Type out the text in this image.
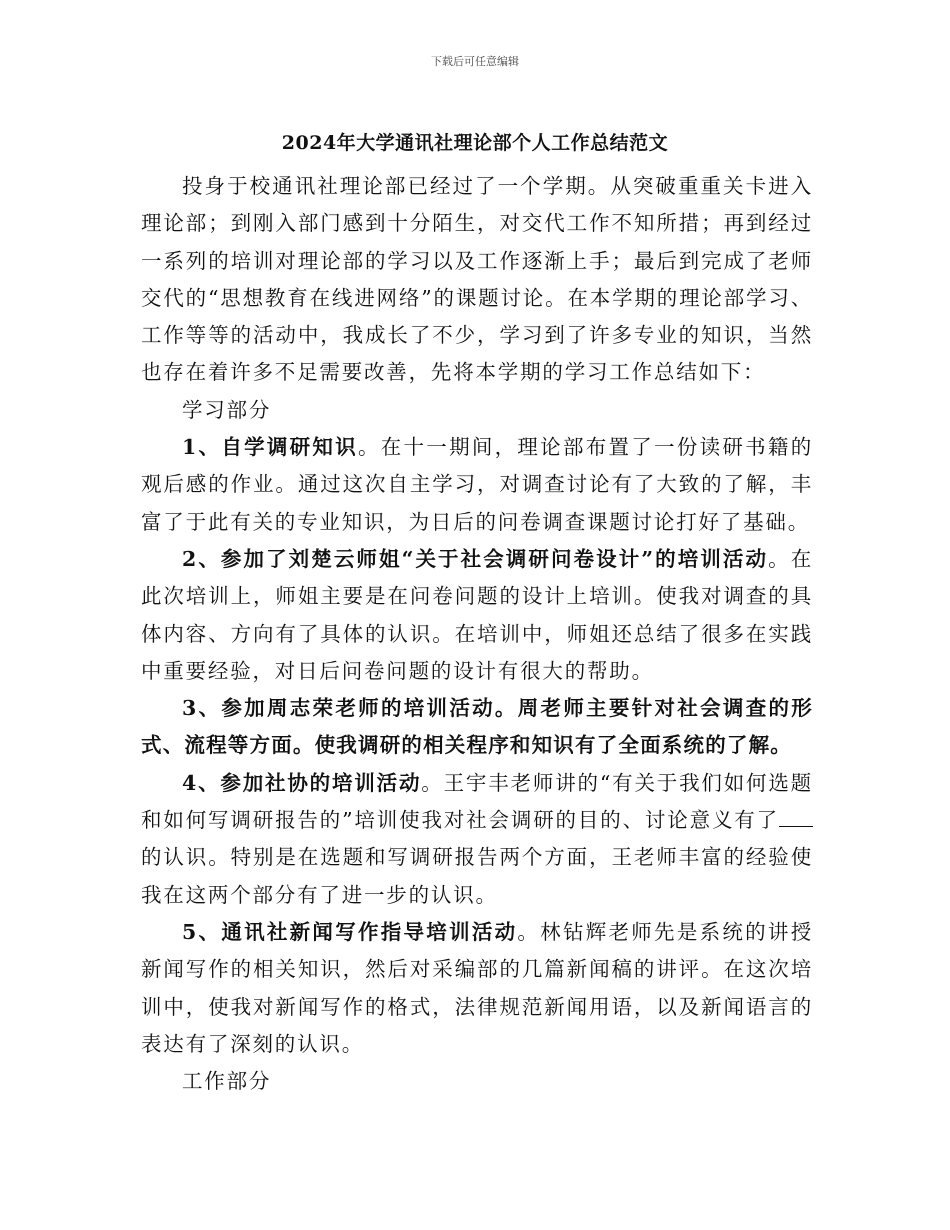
下载后可任意编辑
2024年大学通讯社理论部个人工作总结范文

投身于校通讯社理论部已经过了一个学期。从突破重重关卡进入理论部；到刚入部门感到十分陌生，对交代工作不知所措；再到经过一系列的培训对理论部的学习以及工作逐渐上手；最后到完成了老师交代的“思想教育在线进网络”的课题讨论。在本学期的理论部学习、工作等等的活动中，我成长了不少，学习到了许多专业的知识，当然也存在着许多不足需要改善，先将本学期的学习工作总结如下：

学习部分

1、自学调研知识。在十一期间，理论部布置了一份读研书籍的观后感的作业。通过这次自主学习，对调查讨论有了大致的了解，丰富了于此有关的专业知识，为日后的问卷调查课题讨论打好了基础。

2、参加了刘楚云师姐“关于社会调研问卷设计”的培训活动。在此次培训上，师姐主要是在问卷问题的设计上培训。使我对调查的具体内容、方向有了具体的认识。在培训中，师姐还总结了很多在实践中重要经验，对日后问卷问题的设计有很大的帮助。

3、参加周志荣老师的培训活动。周老师主要针对社会调查的形式、流程等方面。使我调研的相关程序和知识有了全面系统的了解。

4、参加社协的培训活动。王宇丰老师讲的“有关于我们如何选题和如何写调研报告的”培训使我对社会调研的目的、讨论意义有了的认识。特别是在选题和写调研报告两个方面，王老师丰富的经验使我在这两个部分有了进一步的认识。

5、通讯社新闻写作指导培训活动。林钻辉老师先是系统的讲授新闻写作的相关知识，然后对采编部的几篇新闻稿的讲评。在这次培训中，使我对新闻写作的格式，法律规范新闻用语，以及新闻语言的表达有了深刻的认识。

工作部分
